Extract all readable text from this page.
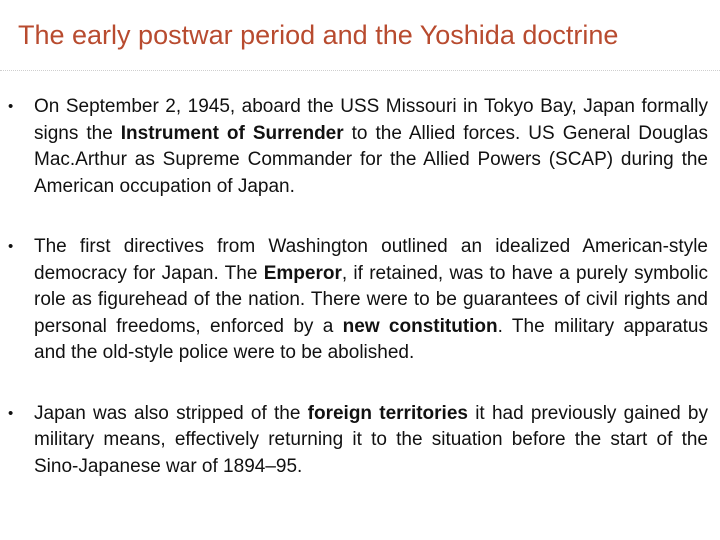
The early postwar period and the Yoshida doctrine
• On September 2, 1945, aboard the USS Missouri in Tokyo Bay, Japan formally signs the Instrument of Surrender to the Allied forces. US General Douglas Mac.Arthur as Supreme Commander for the Allied Powers (SCAP) during the American occupation of Japan.
• The first directives from Washington outlined an idealized American-style democracy for Japan. The Emperor, if retained, was to have a purely symbolic role as figurehead of the nation. There were to be guarantees of civil rights and personal freedoms, enforced by a new constitution. The military apparatus and the old-style police were to be abolished.
• Japan was also stripped of the foreign territories it had previously gained by military means, effectively returning it to the situation before the start of the Sino-Japanese war of 1894–95.
